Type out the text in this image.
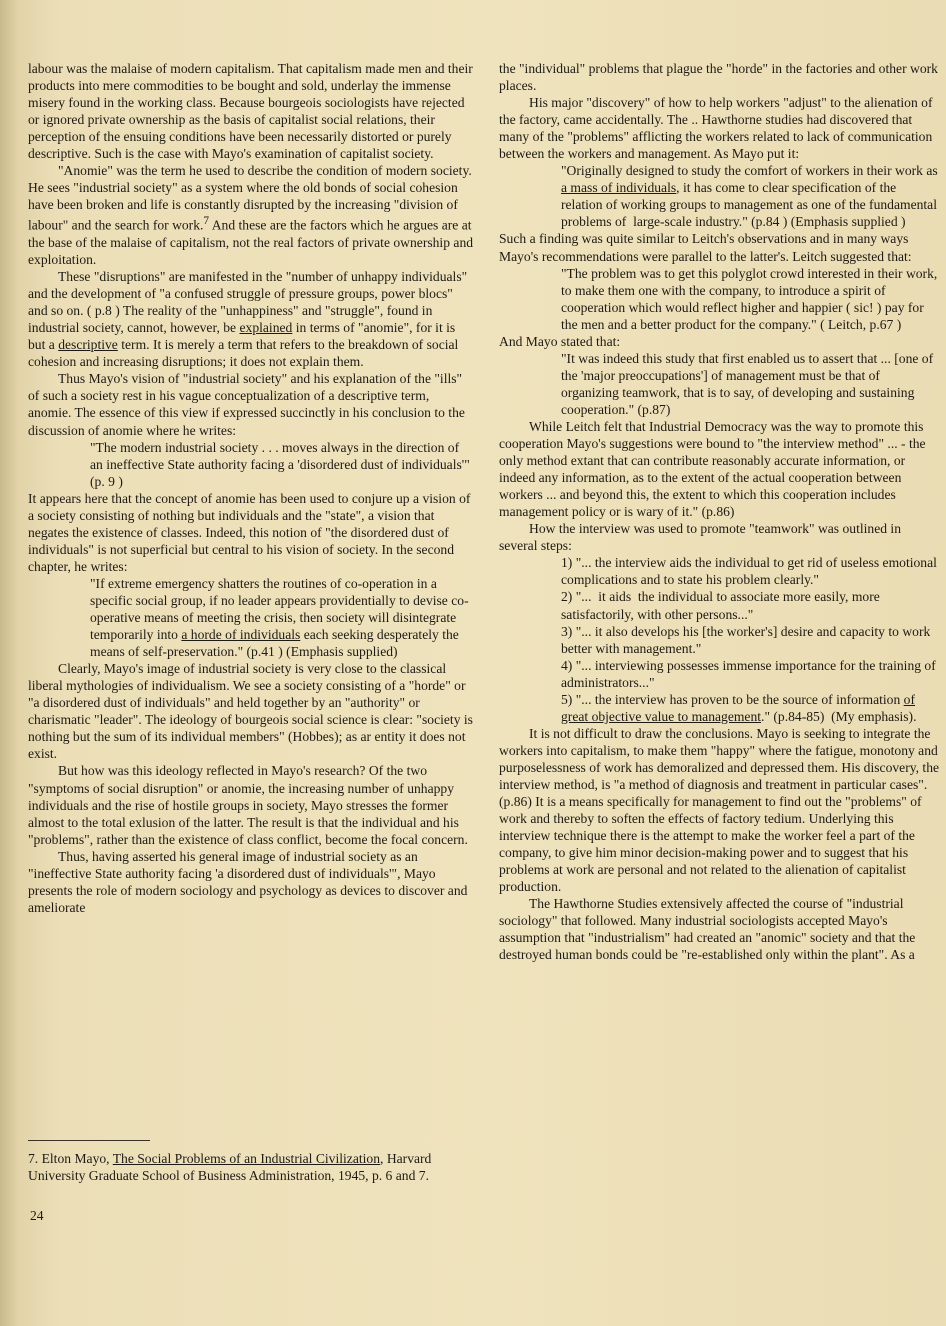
labour was the malaise of modern capitalism. That capitalism made men and their products into mere commodities to be bought and sold, underlay the immense misery found in the working class. Because bourgeois sociologists have rejected or ignored private ownership as the basis of capitalist social relations, their perception of the ensuing conditions have been necessarily distorted or purely descriptive. Such is the case with Mayo's examination of capitalist society.

"Anomie" was the term he used to describe the condition of modern society. He sees "industrial society" as a system where the old bonds of social cohesion have been broken and life is constantly disrupted by the increasing "division of labour" and the search for work.$^7$ And these are the factors which he argues are at the base of the malaise of capitalism, not the real factors of private ownership and exploitation.

These "disruptions" are manifested in the "number of unhappy individuals" and the development of "a confused struggle of pressure groups, power blocs" and so on. ( p.8 ) The reality of the "unhappiness" and "struggle", found in industrial society, cannot, however, be explained in terms of "anomie", for it is but a descriptive term. It is merely a term that refers to the breakdown of social cohesion and increasing disruptions; it does not explain them.

Thus Mayo's vision of "industrial society" and his explanation of the "ills" of such a society rest in his vague conceptualization of a descriptive term, anomie. The essence of this view if expressed succinctly in his conclusion to the discussion of anomie where he writes:

"The modern industrial society . . . moves always in the direction of an ineffective State authority facing a 'disordered dust of individuals'" (p. 9 )

It appears here that the concept of anomie has been used to conjure up a vision of a society consisting of nothing but individuals and the "state", a vision that negates the existence of classes. Indeed, this notion of "the disordered dust of individuals" is not superficial but central to his vision of society. In the second chapter, he writes:

"If extreme emergency shatters the routines of co-operation in a specific social group, if no leader appears providentially to devise co-operative means of meeting the crisis, then society will disintegrate temporarily into a horde of individuals each seeking desperately the means of self-preservation." (p.41 ) (Emphasis supplied)

Clearly, Mayo's image of industrial society is very close to the classical liberal mythologies of individualism. We see a society consisting of a "horde" or "a disordered dust of individuals" and held together by an "authority" or charismatic "leader". The ideology of bourgeois social science is clear: "society is nothing but the sum of its individual members" (Hobbes); as ar entity it does not exist.

But how was this ideology reflected in Mayo's research? Of the two "symptoms of social disruption" or anomie, the increasing number of unhappy individuals and the rise of hostile groups in society, Mayo stresses the former almost to the total exlusion of the latter. The result is that the individual and his "problems", rather than the existence of class conflict, become the focal concern.

Thus, having asserted his general image of industrial society as an "ineffective State authority facing 'a disordered dust of individuals'", Mayo presents the role of modern sociology and psychology as devices to discover and ameliorate

the "individual" problems that plague the "horde" in the factories and other work places.

His major "discovery" of how to help workers "adjust" to the alienation of the factory, came accidentally. The .. Hawthorne studies had discovered that many of the "problems" afflicting the workers related to lack of communication between the workers and management. As Mayo put it:

"Originally designed to study the comfort of workers in their work as a mass of individuals, it has come to clear specification of the relation of working groups to management as one of the fundamental problems of  large-scale industry." (p.84 ) (Emphasis supplied )

Such a finding was quite similar to Leitch's observations and in many ways Mayo's recommendations were parallel to the latter's. Leitch suggested that:

"The problem was to get this polyglot crowd interested in their work, to make them one with the company, to introduce a spirit of cooperation which would reflect higher and happier ( sic! ) pay for the men and a better product for the company." ( Leitch, p.67 )

And Mayo stated that:

"It was indeed this study that first enabled us to assert that ... [one of the 'major preoccupations'] of management must be that of organizing teamwork, that is to say, of developing and sustaining cooperation." (p.87)

While Leitch felt that Industrial Democracy was the way to promote this cooperation Mayo's suggestions were bound to "the interview method" ... - the only method extant that can contribute reasonably accurate information, or indeed any information, as to the extent of the actual cooperation between workers ... and beyond this, the extent to which this cooperation includes management policy or is wary of it." (p.86)

How the interview was used to promote "teamwork" was outlined in several steps:

1) "... the interview aids the individual to get rid of useless emotional complications and to state his problem clearly."

2) "...  it aids  the individual to associate more easily, more satisfactorily, with other persons..."

3) "... it also develops his [the worker's] desire and capacity to work better with management."

4) "... interviewing possesses immense importance for the training of administrators..."

5) "... the interview has proven to be the source of information of great objective value to management." (p.84-85)  (My emphasis).

It is not difficult to draw the conclusions. Mayo is seeking to integrate the workers into capitalism, to make them "happy" where the fatigue, monotony and purposelessness of work has demoralized and depressed them. His discovery, the interview method, is "a method of diagnosis and treatment in particular cases". (p.86) It is a means specifically for management to find out the "problems" of work and thereby to soften the effects of factory tedium. Underlying this interview technique there is the attempt to make the worker feel a part of the company, to give him minor decision-making power and to suggest that his problems at work are personal and not related to the alienation of capitalist production.

The Hawthorne Studies extensively affected the course of "industrial sociology" that followed. Many industrial sociologists accepted Mayo's assumption that "industrialism" had created an "anomic" society and that the destroyed human bonds could be "re-established only within the plant". As a

7. Elton Mayo, The Social Problems of an Industrial Civilization, Harvard University Graduate School of Business Administration, 1945, p. 6 and 7.
24
